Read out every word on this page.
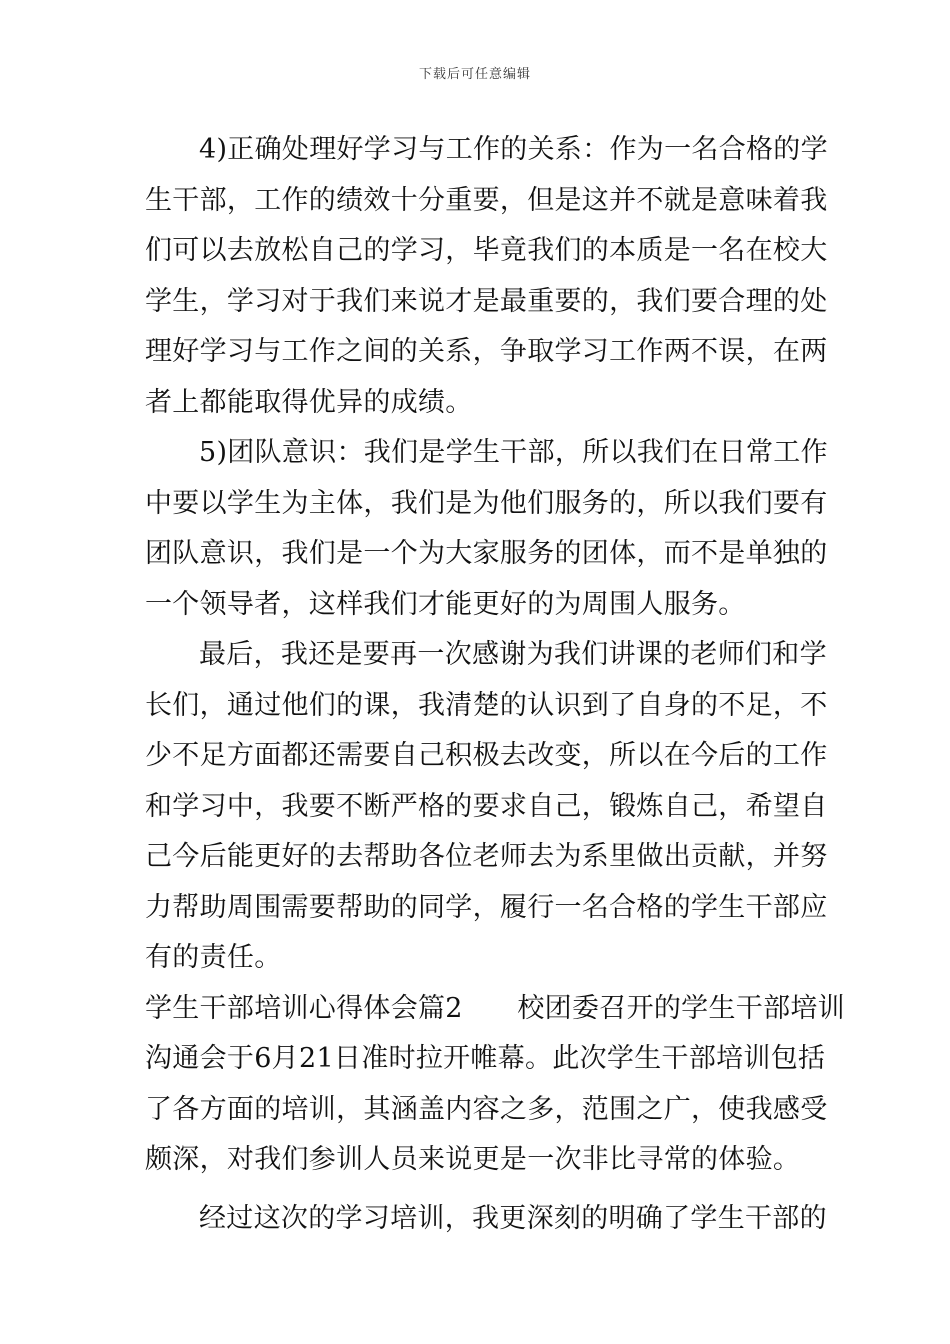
下载后可任意编辑
4)正确处理好学习与工作的关系：作为一名合格的学
生干部，工作的绩效十分重要，但是这并不就是意味着我
们可以去放松自己的学习，毕竟我们的本质是一名在校大
学生，学习对于我们来说才是最重要的，我们要合理的处
理好学习与工作之间的关系，争取学习工作两不误，在两
者上都能取得优异的成绩。
5)团队意识：我们是学生干部，所以我们在日常工作
中要以学生为主体，我们是为他们服务的，所以我们要有
团队意识，我们是一个为大家服务的团体，而不是单独的
一个领导者，这样我们才能更好的为周围人服务。
最后，我还是要再一次感谢为我们讲课的老师们和学
长们，通过他们的课，我清楚的认识到了自身的不足，不
少不足方面都还需要自己积极去改变，所以在今后的工作
和学习中，我要不断严格的要求自己，锻炼自己，希望自
己今后能更好的去帮助各位老师去为系里做出贡献，并努
力帮助周围需要帮助的同学，履行一名合格的学生干部应
有的责任。
学生干部培训心得体会篇2　　校团委召开的学生干部培训
沟通会于6月21日准时拉开帷幕。此次学生干部培训包括
了各方面的培训，其涵盖内容之多，范围之广，使我感受
颇深，对我们参训人员来说更是一次非比寻常的体验。
经过这次的学习培训，我更深刻的明确了学生干部的
